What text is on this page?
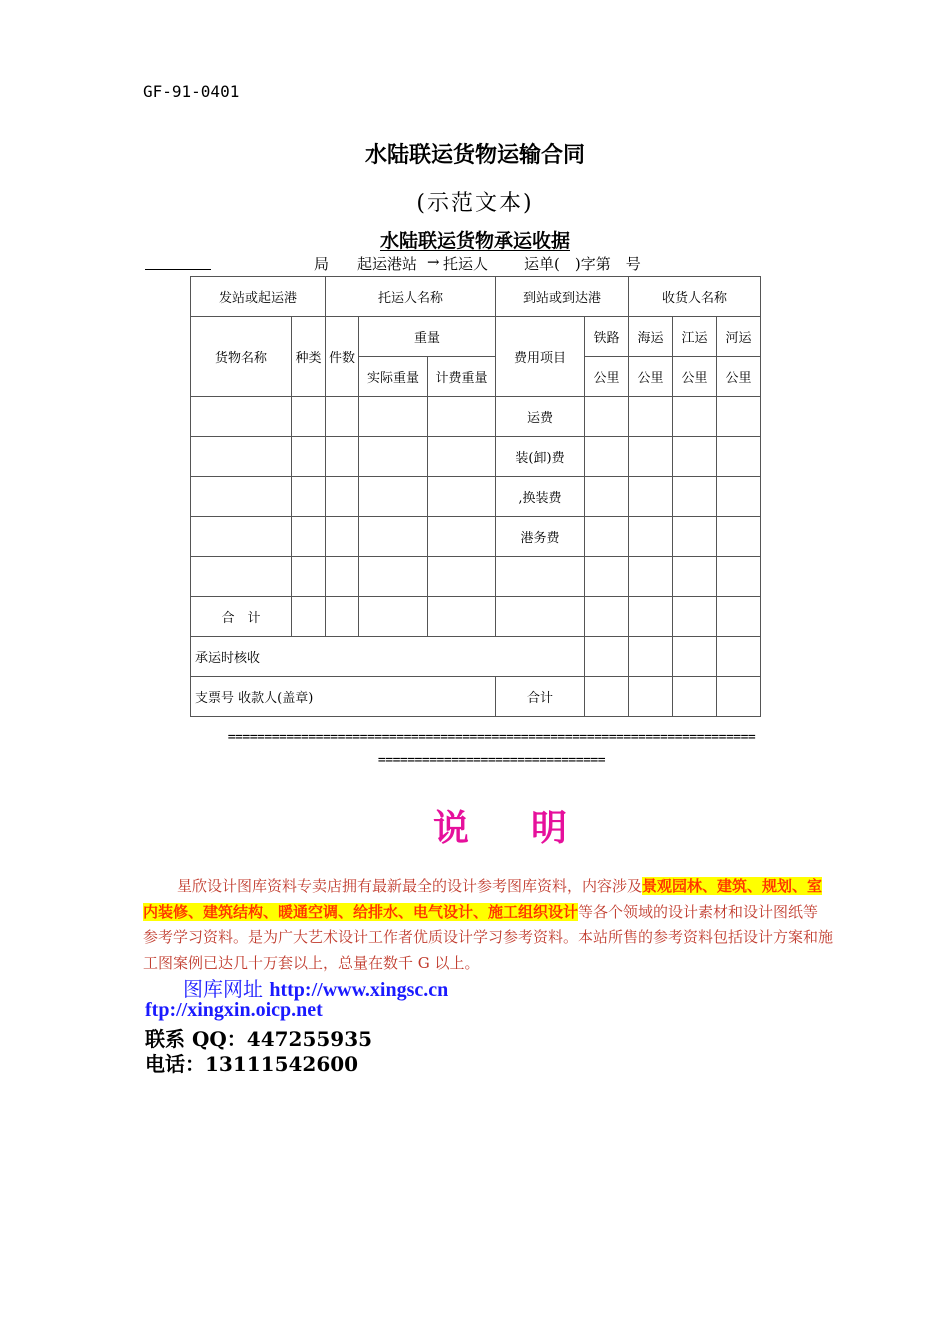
GF-91-0401
水陆联运货物运输合同
(示范文本)
水陆联运货物承运收据
局 起运港站 → 托运人 运单(　)字第　号
发站或起运港		托运人名称			到站或到达港		收货人名称		
货物名称	种类	件数	重量		费用项目	铁路	海运	江运	河运
			实际重量	计费重量		公里	公里	公里	公里
					运费				
					装(卸)费				
					,换装费				
					港务费				

合　计									
承运时核收									
支票号 收款人(盖章)					合计				
========================================================================
===============================
说 明
星欣设计图库资料专卖店拥有最新最全的设计参考图库资料，内容涉及景观园林、建筑、规划、室内装修、建筑结构、暖通空调、给排水、电气设计、施工组织设计等各个领域的设计素材和设计图纸等参考学习资料。是为广大艺术设计工作者优质设计学习参考资料。本站所售的参考资料包括设计方案和施工图案例已达几十万套以上，总量在数千 G 以上。
图库网址 http://www.xingsc.cn
ftp://xingxin.oicp.net
联系 QQ：447255935
电话：13111542600
